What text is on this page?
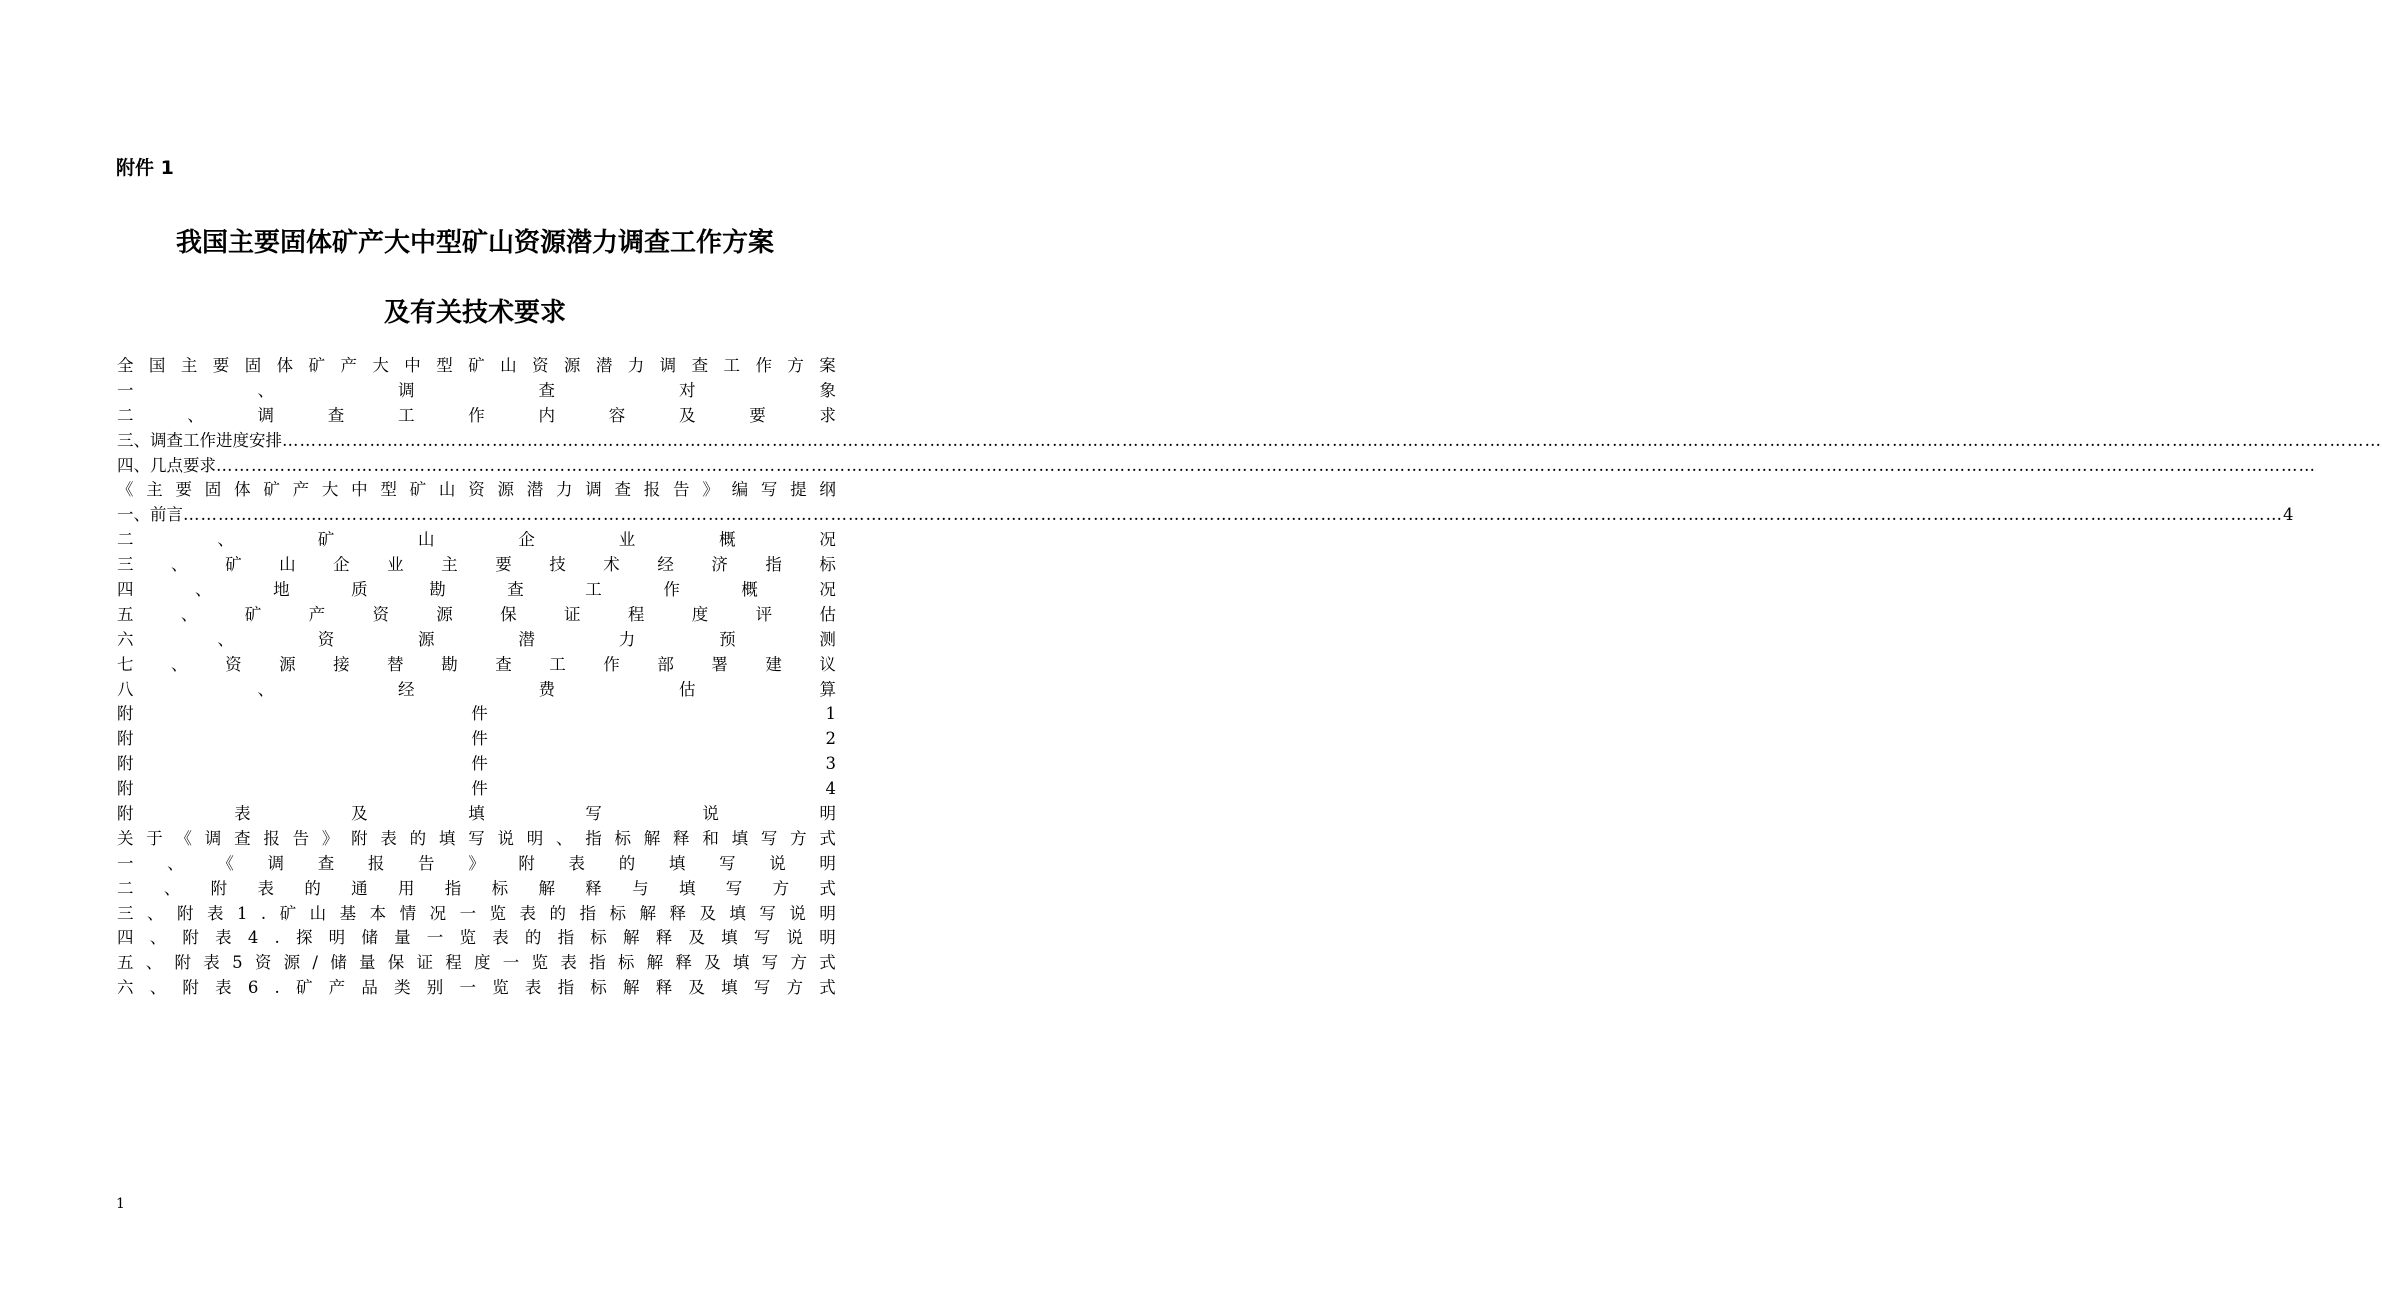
附件 1
我国主要固体矿产大中型矿山资源潜力调查工作方案
及有关技术要求
全 国 主 要 固 体 矿 产 大 中 型 矿 山 资 源 潜 力 调 查 工 作 方 案
一	、	调	查	对	象
二	、	调	查	工	作	内	容	及	要	求
三、调查工作进度安排 ………………………………………………………………………………………………………………………………………………………………………………………………………………………………………………………………………………………………………………………………
四、几点要求 ………………………………………………………………………………………………………………………………………………………………………………………………………………………………………………………………………………………………………………………………
《 主 要 固 体 矿 产 大 中 型 矿 山 资 源 潜 力 调 查 报 告 》 编 写 提 纲
一、前言 ……………………………………………………………………………………………………………………………………………………………………………………………………………………………………………………………………………………………………………………………… 4
二	、	矿	山	企	业	概	况
三 、 矿 山 企 业 主 要 技 术 经 济 指 标
四	、	地	质	勘	查	工	作	概	况
五	、	矿	产	资	源	保	证	程	度	评	估
六	、	资	源	潜	力	预	测
七 、 资 源 接 替 勘 查 工 作 部 署 建 议
八	、	经	费	估	算
附	件	1
附	件	2
附	件	3
附	件	4
附	表	及	填	写	说	明
关 于 《 调 查 报 告 》 附 表 的 填 写 说 明 、 指 标 解 释 和 填 写 方 式
一 、 《 调 查 报 告 》 附 表 的 填 写 说 明
二 、 附 表 的 通 用 指 标 解 释 与 填 写 方 式
三 、 附 表 1 . 矿 山 基 本 情 况 一 览 表 的 指 标 解 释 及 填 写 说 明
四 、 附 表 4 . 探 明 储 量 一 览 表 的 指 标 解 释 及 填 写 说 明
五 、 附 表 5 资 源 / 储 量 保 证 程 度 一 览 表 指 标 解 释 及 填 写 方 式
六 、 附 表 6 . 矿 产 品 类 别 一 览 表 指 标 解 释 及 填 写 方 式
1
